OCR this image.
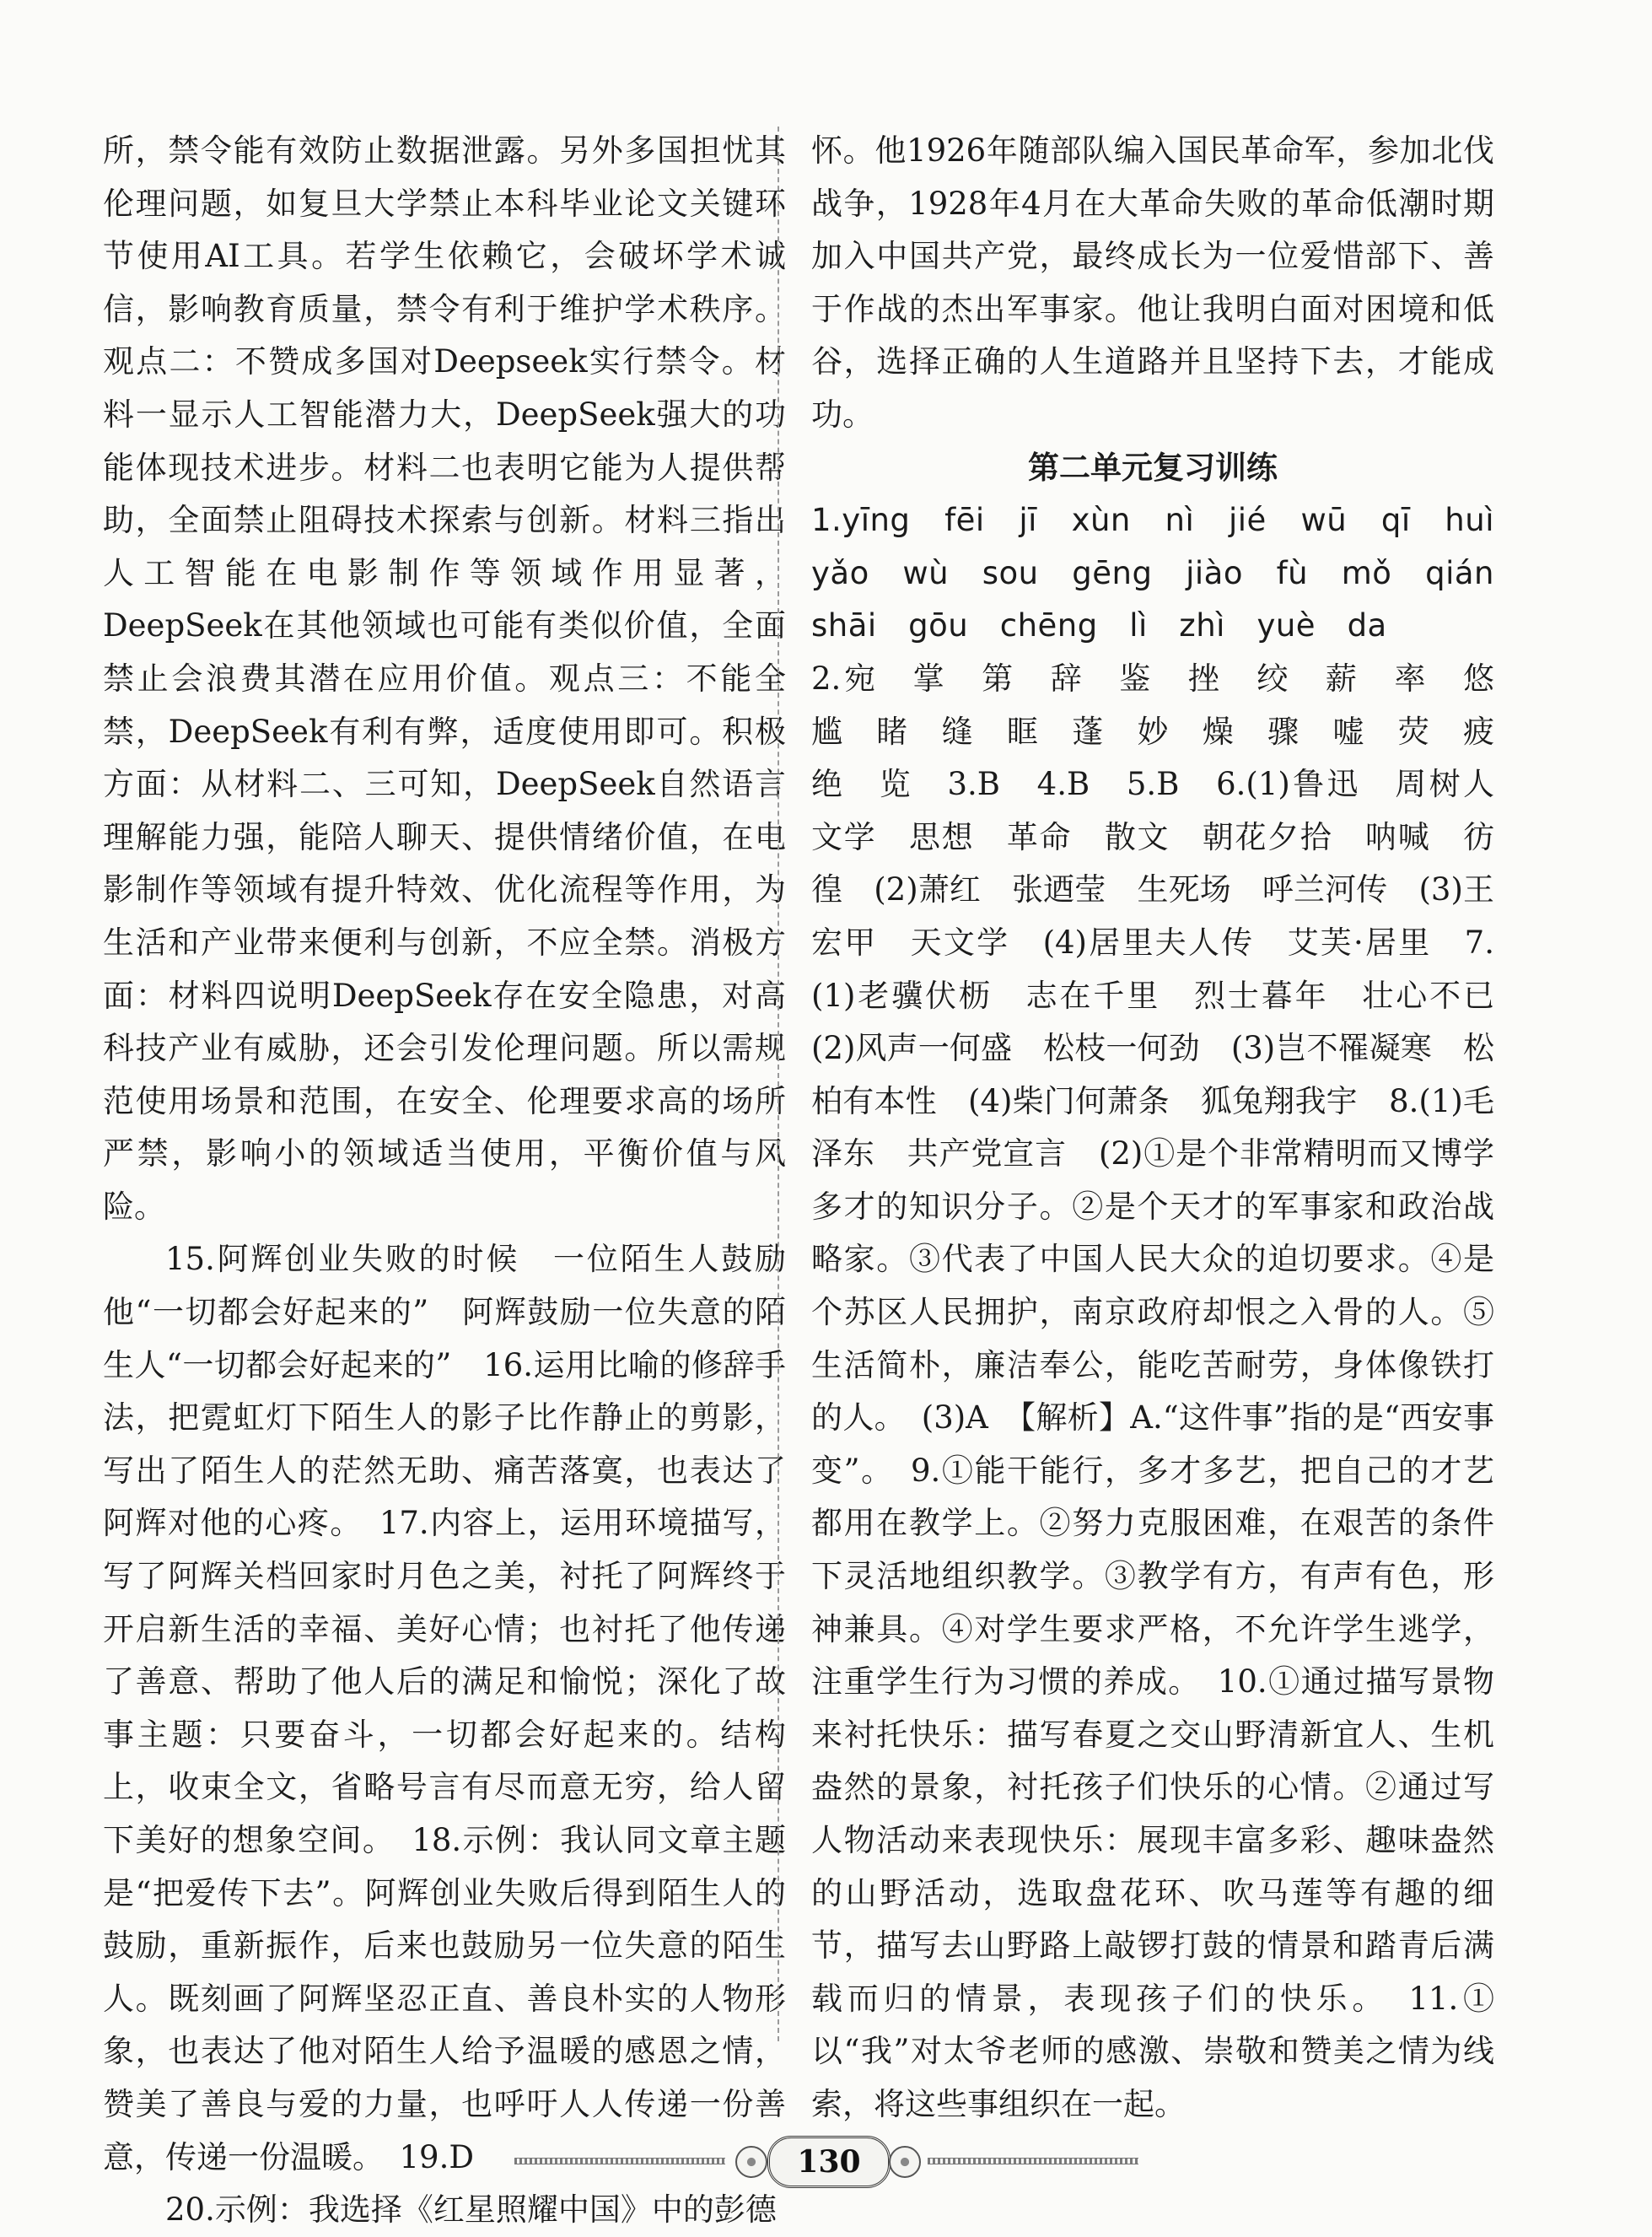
所，禁令能有效防止数据泄露。另外多国担忧其伦理问题，如复旦大学禁止本科毕业论文关键环节使用AI工具。若学生依赖它，会破坏学术诚信，影响教育质量，禁令有利于维护学术秩序。观点二：不赞成多国对Deepseek实行禁令。材料一显示人工智能潜力大，DeepSeek强大的功能体现技术进步。材料二也表明它能为人提供帮助，全面禁止阻碍技术探索与创新。材料三指出人工智能在电影制作等领域作用显著，DeepSeek在其他领域也可能有类似价值，全面禁止会浪费其潜在应用价值。观点三：不能全禁，DeepSeek有利有弊，适度使用即可。积极方面：从材料二、三可知，DeepSeek自然语言理解能力强，能陪人聊天、提供情绪价值，在电影制作等领域有提升特效、优化流程等作用，为生活和产业带来便利与创新，不应全禁。消极方面：材料四说明DeepSeek存在安全隐患，对高科技产业有威胁，还会引发伦理问题。所以需规范使用场景和范围，在安全、伦理要求高的场所严禁，影响小的领域适当使用，平衡价值与风险。

15.阿辉创业失败的时候　一位陌生人鼓励他“一切都会好起来的”　阿辉鼓励一位失意的陌生人“一切都会好起来的”　16.运用比喻的修辞手法，把霓虹灯下陌生人的影子比作静止的剪影，写出了陌生人的茫然无助、痛苦落寞，也表达了阿辉对他的心疼。　17.内容上，运用环境描写，写了阿辉关档回家时月色之美，衬托了阿辉终于开启新生活的幸福、美好心情；也衬托了他传递了善意、帮助了他人后的满足和愉悦；深化了故事主题：只要奋斗，一切都会好起来的。结构上，收束全文，省略号言有尽而意无穷，给人留下美好的想象空间。　18.示例：我认同文章主题是“把爱传下去”。阿辉创业失败后得到陌生人的鼓励，重新振作，后来也鼓励另一位失意的陌生人。既刻画了阿辉坚忍正直、善良朴实的人物形象，也表达了他对陌生人给予温暖的感恩之情，赞美了善良与爱的力量，也呼吁人人传递一份善意，传递一份温暖。　19.D

20.示例：我选择《红星照耀中国》中的彭德

怀。他1926年随部队编入国民革命军，参加北伐战争，1928年4月在大革命失败的革命低潮时期加入中国共产党，最终成长为一位爱惜部下、善于作战的杰出军事家。他让我明白面对困境和低谷，选择正确的人生道路并且坚持下去，才能成功。

第二单元复习训练

1.yīng　fēi　jī　xùn　nì　jié　wū　qī　huì　yǎo　wù　sou　gēng　jiào　fù　mǒ　qián　shāi　gōu　chēng　lì　zhì　yuè　da

2.宛　掌　第　辞　鉴　挫　绞　薪　率　悠　尴　睹　缝　眶　蓬　妙　燥　骤　嘘　荧　疲　绝　览　3.B　4.B　5.B　6.(1)鲁迅　周树人　文学　思想　革命　散文　朝花夕拾　呐喊　彷徨　(2)萧红　张迺莹　生死场　呼兰河传　(3)王宏甲　天文学　(4)居里夫人传　艾芙·居里　7.(1)老骥伏枥　志在千里　烈士暮年　壮心不已　(2)风声一何盛　松枝一何劲　(3)岂不罹凝寒　松柏有本性　(4)柴门何萧条　狐兔翔我宇　8.(1)毛泽东　共产党宣言　(2)①是个非常精明而又博学多才的知识分子。②是个天才的军事家和政治战略家。③代表了中国人民大众的迫切要求。④是个苏区人民拥护，南京政府却恨之入骨的人。⑤生活简朴，廉洁奉公，能吃苦耐劳，身体像铁打的人。　(3)A　【解析】A.“这件事”指的是“西安事变”。　9.①能干能行，多才多艺，把自己的才艺都用在教学上。②努力克服困难，在艰苦的条件下灵活地组织教学。③教学有方，有声有色，形神兼具。④对学生要求严格，不允许学生逃学，注重学生行为习惯的养成。　10.①通过描写景物来衬托快乐：描写春夏之交山野清新宜人、生机盎然的景象，衬托孩子们快乐的心情。②通过写人物活动来表现快乐：展现丰富多彩、趣味盎然的山野活动，选取盘花环、吹马莲等有趣的细节，描写去山野路上敲锣打鼓的情景和踏青后满载而归的情景，表现孩子们的快乐。　11.①以“我”对太爷老师的感激、崇敬和赞美之情为线索，将这些事组织在一起。

130
